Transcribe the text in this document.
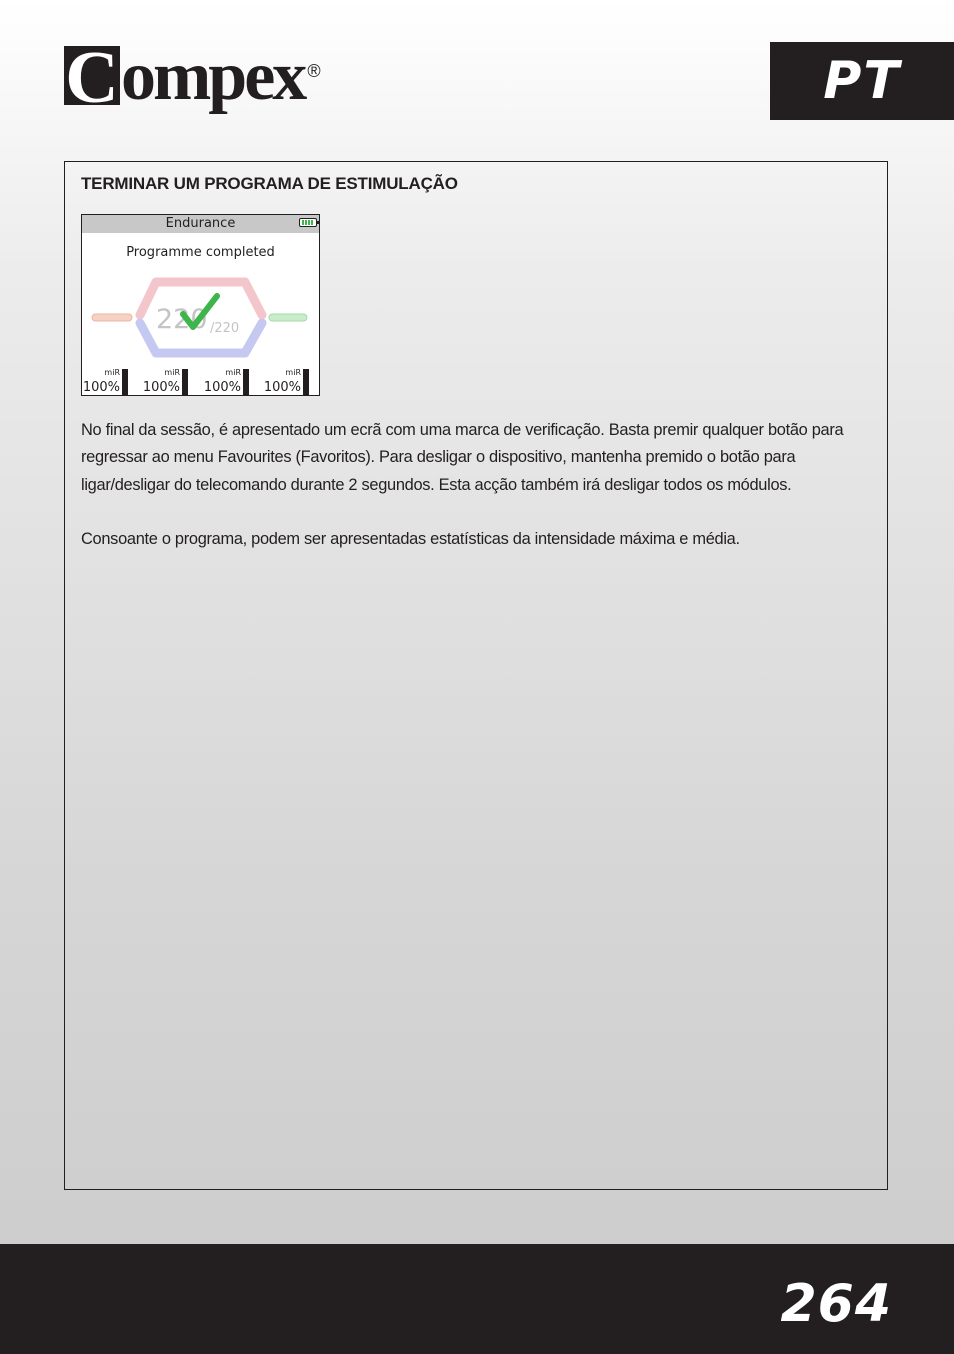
C ompex ®	PT
TERMINAR UM PROGRAMA DE ESTIMULAÇÃO
Endurance
Programme completed
220 /220
miR
100%
miR
100%
miR
100%
miR
100%

No final da sessão, é apresentado um ecrã com uma marca de verificação. Basta premir qualquer botão para regressar ao menu Favourites (Favoritos). Para desligar o dispositivo, mantenha premido o botão para ligar/desligar do telecomando durante 2 segundos. Esta acção também irá desligar todos os módulos.

Consoante o programa, podem ser apresentadas estatísticas da intensidade máxima e média.

264
